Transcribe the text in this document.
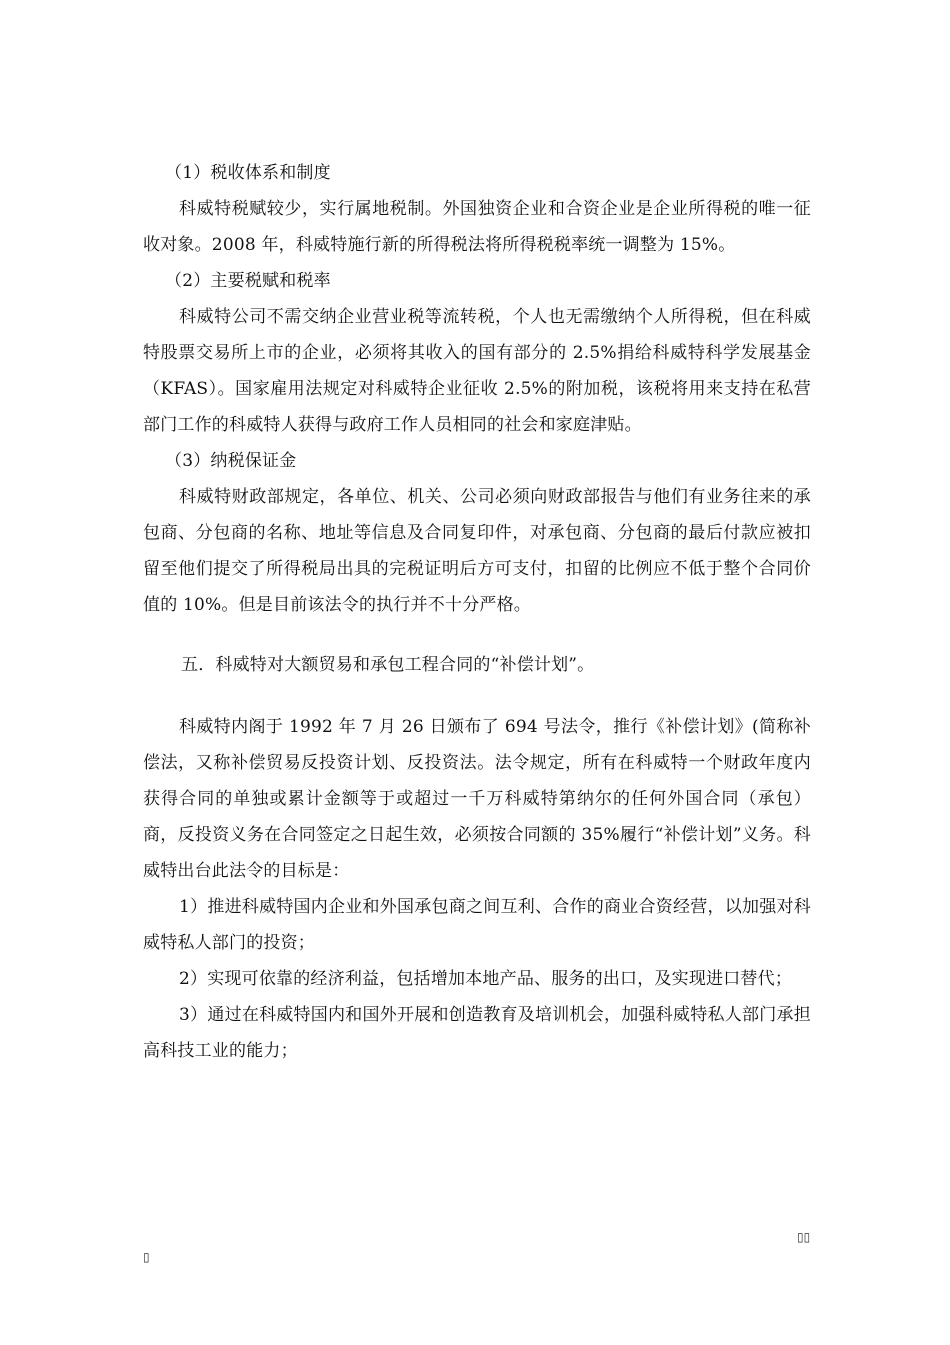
（1）税收体系和制度

科威特税赋较少，实行属地税制。外国独资企业和合资企业是企业所得税的唯一征收对象。2008 年，科威特施行新的所得税法将所得税税率统一调整为 15%。

（2）主要税赋和税率

科威特公司不需交纳企业营业税等流转税，个人也无需缴纳个人所得税，但在科威特股票交易所上市的企业，必须将其收入的国有部分的 2.5%捐给科威特科学发展基金（KFAS）。国家雇用法规定对科威特企业征收 2.5%的附加税，该税将用来支持在私营部门工作的科威特人获得与政府工作人员相同的社会和家庭津贴。

（3）纳税保证金

科威特财政部规定，各单位、机关、公司必须向财政部报告与他们有业务往来的承包商、分包商的名称、地址等信息及合同复印件，对承包商、分包商的最后付款应被扣留至他们提交了所得税局出具的完税证明后方可支付，扣留的比例应不低于整个合同价值的 10%。但是目前该法令的执行并不十分严格。

五．科威特对大额贸易和承包工程合同的“补偿计划”。

科威特内阁于 1992 年 7 月 26 日颁布了 694 号法令，推行《补偿计划》(简称补偿法，又称补偿贸易反投资计划、反投资法。法令规定，所有在科威特一个财政年度内获得合同的单独或累计金额等于或超过一千万科威特第纳尔的任何外国合同（承包）商，反投资义务在合同签定之日起生效，必须按合同额的 35%履行“补偿计划”义务。科威特出台此法令的目标是：

1）推进科威特国内企业和外国承包商之间互利、合作的商业合资经营，以加强对科威特私人部门的投资；

2）实现可依靠的经济利益，包括增加本地产品、服务的出口，及实现进口替代；

3）通过在科威特国内和国外开展和创造教育及培训机会，加强科威特私人部门承担高科技工业的能力；

▯▯
▯
